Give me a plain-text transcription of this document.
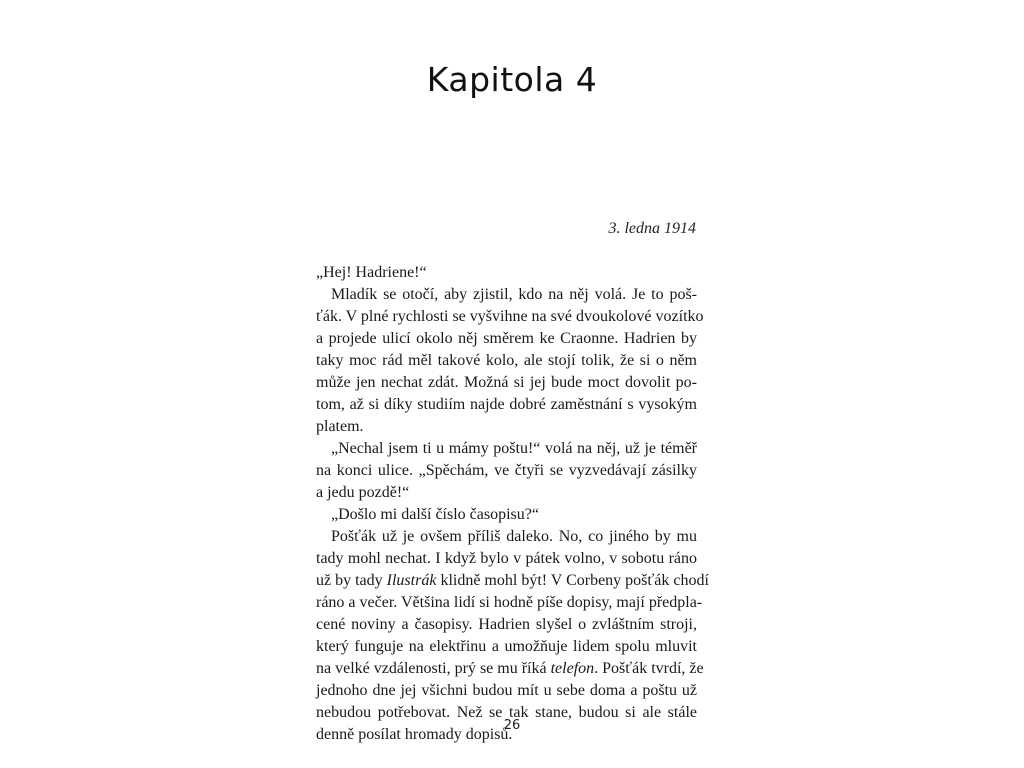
Kapitola 4
3. ledna 1914
„Hej! Hadriene!“
Mladík se otočí, aby zjistil, kdo na něj volá. Je to poš-
ťák. V plné rychlosti se vyšvihne na své dvoukolové vozítko
a projede ulicí okolo něj směrem ke Craonne. Hadrien by
taky moc rád měl takové kolo, ale stojí tolik, že si o něm
může jen nechat zdát. Možná si jej bude moct dovolit po-
tom, až si díky studiím najde dobré zaměstnání s vysokým
platem.
„Nechal jsem ti u mámy poštu!“ volá na něj, už je téměř
na konci ulice. „Spěchám, ve čtyři se vyzvedávají zásilky
a jedu pozdě!“
„Došlo mi další číslo časopisu?“
Pošťák už je ovšem příliš daleko. No, co jiného by mu
tady mohl nechat. I když bylo v pátek volno, v sobotu ráno
už by tady Ilustrák klidně mohl být! V Corbeny pošťák chodí
ráno a večer. Většina lidí si hodně píše dopisy, mají předpla-
cené noviny a časopisy. Hadrien slyšel o zvláštním stroji,
který funguje na elektřinu a umožňuje lidem spolu mluvit
na velké vzdálenosti, prý se mu říká telefon. Pošťák tvrdí, že
jednoho dne jej všichni budou mít u sebe doma a poštu už
nebudou potřebovat. Než se tak stane, budou si ale stále
denně posílat hromady dopisů.
26
